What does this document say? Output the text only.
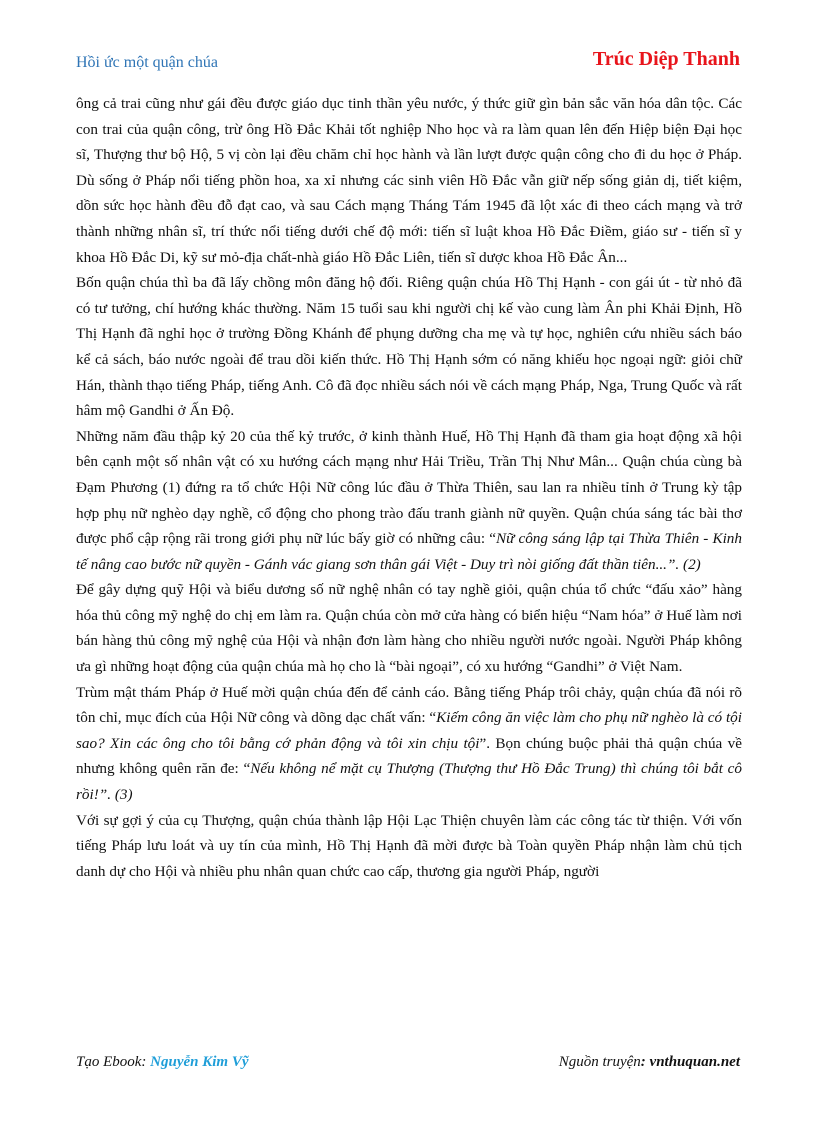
Hồi ức một quận chúa	Trúc Diệp Thanh

ông cả trai cũng như gái đều được giáo dục tinh thần yêu nước, ý thức giữ gìn bản sắc văn hóa dân tộc. Các con trai của quận công, trừ ông Hồ Đắc Khải tốt nghiệp Nho học và ra làm quan lên đến Hiệp biện Đại học sĩ, Thượng thư bộ Hộ, 5 vị còn lại đều chăm chỉ học hành và lần lượt được quận công cho đi du học ở Pháp. Dù sống ở Pháp nổi tiếng phồn hoa, xa xỉ nhưng các sinh viên Hồ Đắc vẫn giữ nếp sống giản dị, tiết kiệm, dồn sức học hành đều đỗ đạt cao, và sau Cách mạng Tháng Tám 1945 đã lột xác đi theo cách mạng và trở thành những nhân sĩ, trí thức nổi tiếng dưới chế độ mới: tiến sĩ luật khoa Hồ Đắc Điềm, giáo sư - tiến sĩ y khoa Hồ Đắc Di, kỹ sư mỏ-địa chất-nhà giáo Hồ Đắc Liên, tiến sĩ dược khoa Hồ Đắc Ân...

Bốn quận chúa thì ba đã lấy chồng môn đăng hộ đối. Riêng quận chúa Hồ Thị Hạnh - con gái út - từ nhỏ đã có tư tưởng, chí hướng khác thường. Năm 15 tuổi sau khi người chị kế vào cung làm Ân phi Khải Định, Hồ Thị Hạnh đã nghỉ học ở trường Đồng Khánh để phụng dưỡng cha mẹ và tự học, nghiên cứu nhiều sách báo kể cả sách, báo nước ngoài để trau dồi kiến thức. Hồ Thị Hạnh sớm có năng khiếu học ngoại ngữ: giỏi chữ Hán, thành thạo tiếng Pháp, tiếng Anh. Cô đã đọc nhiều sách nói về cách mạng Pháp, Nga, Trung Quốc và rất hâm mộ Gandhi ở Ấn Độ.

Những năm đầu thập kỷ 20 của thế kỷ trước, ở kinh thành Huế, Hồ Thị Hạnh đã tham gia hoạt động xã hội bên cạnh một số nhân vật có xu hướng cách mạng như Hải Triều, Trần Thị Như Mân... Quận chúa cùng bà Đạm Phương (1) đứng ra tổ chức Hội Nữ công lúc đầu ở Thừa Thiên, sau lan ra nhiều tỉnh ở Trung kỳ tập hợp phụ nữ nghèo dạy nghề, cổ động cho phong trào đấu tranh giành nữ quyền. Quận chúa sáng tác bài thơ được phổ cập rộng rãi trong giới phụ nữ lúc bấy giờ có những câu: “Nữ công sáng lập tại Thừa Thiên - Kinh tế nâng cao bước nữ quyền - Gánh vác giang sơn thân gái Việt - Duy trì nòi giống đất thần tiên...”. (2)

Để gây dựng quỹ Hội và biểu dương số nữ nghệ nhân có tay nghề giỏi, quận chúa tổ chức “đấu xảo” hàng hóa thủ công mỹ nghệ do chị em làm ra. Quận chúa còn mở cửa hàng có biển hiệu “Nam hóa” ở Huế làm nơi bán hàng thủ công mỹ nghệ của Hội và nhận đơn làm hàng cho nhiều người nước ngoài. Người Pháp không ưa gì những hoạt động của quận chúa mà họ cho là “bài ngoại”, có xu hướng “Gandhi” ở Việt Nam.

Trùm mật thám Pháp ở Huế mời quận chúa đến để cảnh cáo. Bằng tiếng Pháp trôi chảy, quận chúa đã nói rõ tôn chỉ, mục đích của Hội Nữ công và dõng dạc chất vấn: “Kiếm công ăn việc làm cho phụ nữ nghèo là có tội sao? Xin các ông cho tôi bằng cớ phản động và tôi xin chịu tội”. Bọn chúng buộc phải thả quận chúa về nhưng không quên răn đe: “Nếu không nể mặt cụ Thượng (Thượng thư Hồ Đắc Trung) thì chúng tôi bắt cô rồi!”. (3)

Với sự gợi ý của cụ Thượng, quận chúa thành lập Hội Lạc Thiện chuyên làm các công tác từ thiện. Với vốn tiếng Pháp lưu loát và uy tín của mình, Hồ Thị Hạnh đã mời được bà Toàn quyền Pháp nhận làm chủ tịch danh dự cho Hội và nhiều phu nhân quan chức cao cấp, thương gia người Pháp, người

Tạo Ebook: Nguyễn Kim Vỹ	Nguồn truyện: vnthuquan.net
